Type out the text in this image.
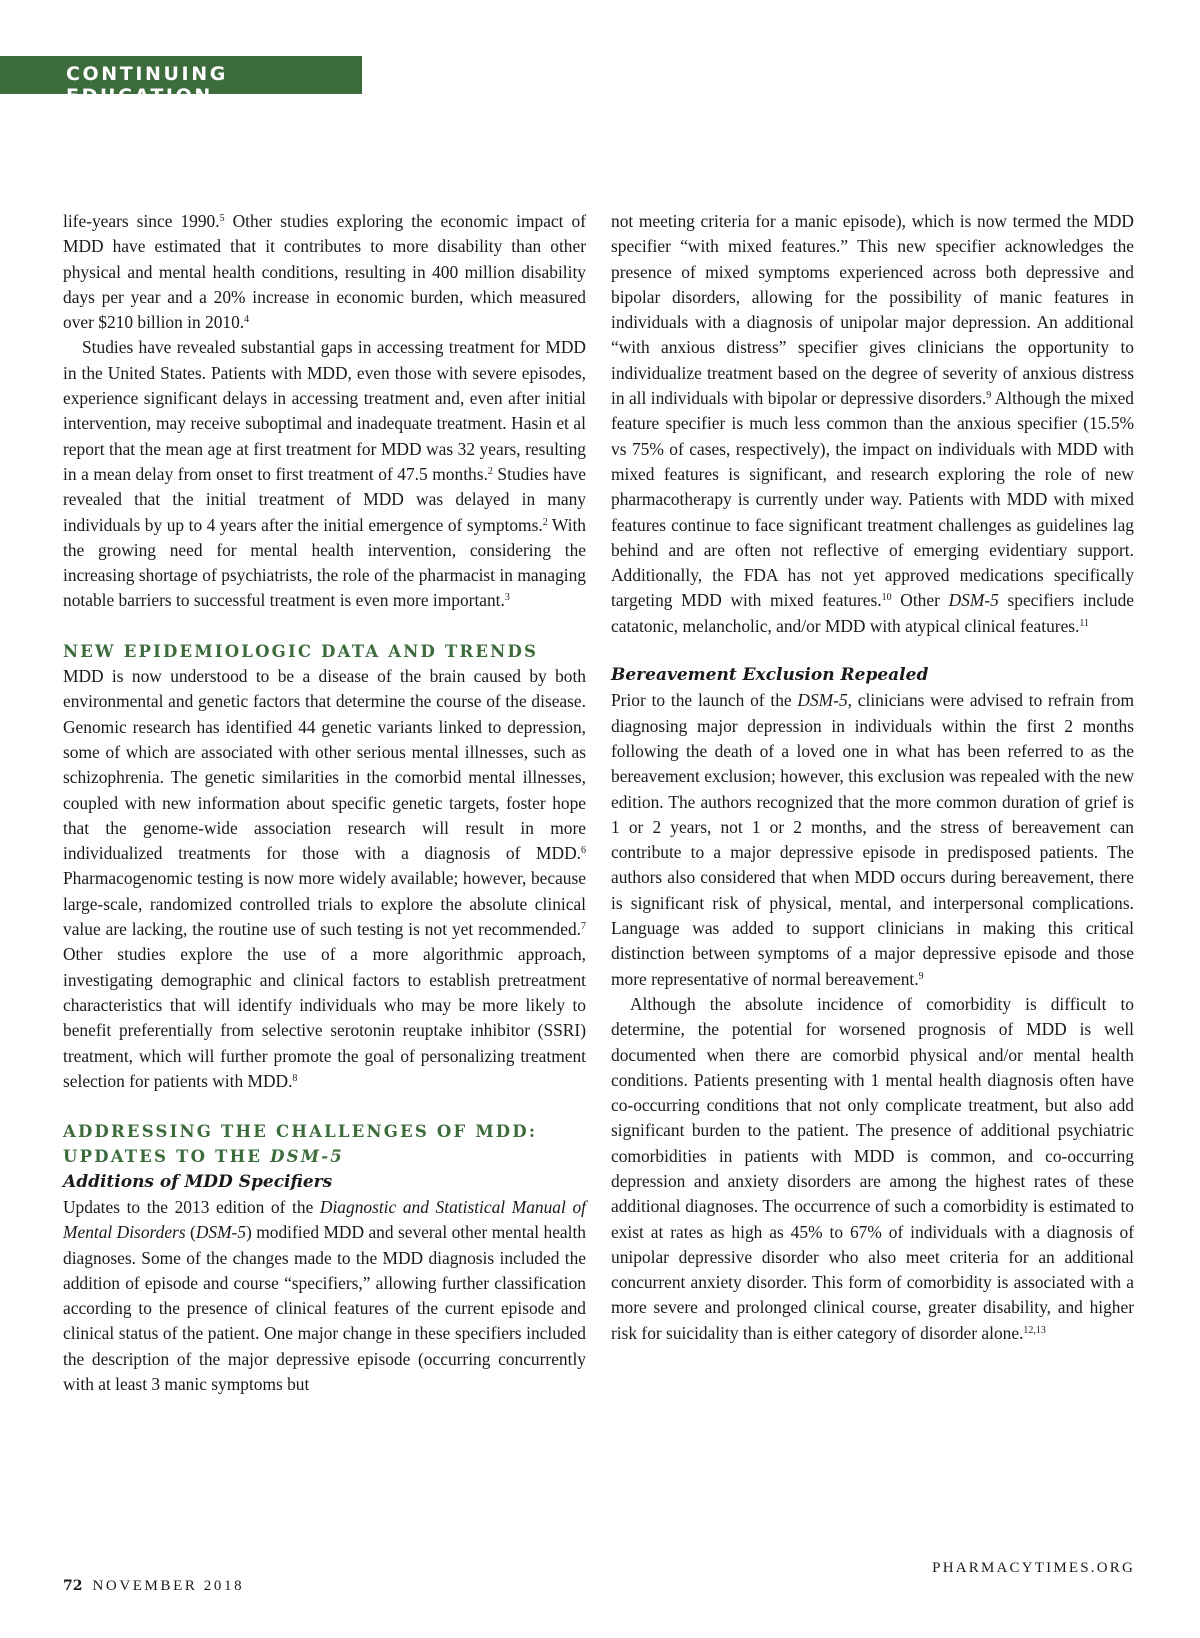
CONTINUING EDUCATION

life-years since 1990.$^5$ Other studies exploring the economic impact of MDD have estimated that it contributes to more disability than other physical and mental health conditions, resulting in 400 million disability days per year and a 20% increase in economic burden, which measured over $210 billion in 2010.$^4$

Studies have revealed substantial gaps in accessing treatment for MDD in the United States. Patients with MDD, even those with severe episodes, experience significant delays in accessing treatment and, even after initial intervention, may receive suboptimal and inadequate treatment. Hasin et al report that the mean age at first treatment for MDD was 32 years, resulting in a mean delay from onset to first treatment of 47.5 months.$^2$ Studies have revealed that the initial treatment of MDD was delayed in many individuals by up to 4 years after the initial emergence of symptoms.$^2$ With the growing need for mental health intervention, considering the increasing shortage of psychiatrists, the role of the pharmacist in managing notable barriers to successful treatment is even more important.$^3$

NEW EPIDEMIOLOGIC DATA AND TRENDS

MDD is now understood to be a disease of the brain caused by both environmental and genetic factors that determine the course of the disease. Genomic research has identified 44 genetic variants linked to depression, some of which are associated with other serious mental illnesses, such as schizophrenia. The genetic similarities in the comorbid mental illnesses, coupled with new information about specific genetic targets, foster hope that the genome-wide association research will result in more individualized treatments for those with a diagnosis of MDD.$^6$ Pharmacogenomic testing is now more widely available; however, because large-scale, randomized controlled trials to explore the absolute clinical value are lacking, the routine use of such testing is not yet recommended.$^7$ Other studies explore the use of a more algorithmic approach, investigating demographic and clinical factors to establish pretreatment characteristics that will identify individuals who may be more likely to benefit preferentially from selective serotonin reuptake inhibitor (SSRI) treatment, which will further promote the goal of personalizing treatment selection for patients with MDD.$^8$

ADDRESSING THE CHALLENGES OF MDD:
UPDATES TO THE DSM-5
Additions of MDD Specifiers

Updates to the 2013 edition of the Diagnostic and Statistical Manual of Mental Disorders (DSM-5) modified MDD and several other mental health diagnoses. Some of the changes made to the MDD diagnosis included the addition of episode and course “specifiers,” allowing further classification according to the presence of clinical features of the current episode and clinical status of the patient. One major change in these specifiers included the description of the major depressive episode (occurring concurrently with at least 3 manic symptoms but

not meeting criteria for a manic episode), which is now termed the MDD specifier “with mixed features.” This new specifier acknowledges the presence of mixed symptoms experienced across both depressive and bipolar disorders, allowing for the possibility of manic features in individuals with a diagnosis of unipolar major depression. An additional “with anxious distress” specifier gives clinicians the opportunity to individualize treatment based on the degree of severity of anxious distress in all individuals with bipolar or depressive disorders.$^9$ Although the mixed feature specifier is much less common than the anxious specifier (15.5% vs 75% of cases, respectively), the impact on individuals with MDD with mixed features is significant, and research exploring the role of new pharmacotherapy is currently under way. Patients with MDD with mixed features continue to face significant treatment challenges as guidelines lag behind and are often not reflective of emerging evidentiary support. Additionally, the FDA has not yet approved medications specifically targeting MDD with mixed features.$^{10}$ Other DSM-5 specifiers include catatonic, melancholic, and/or MDD with atypical clinical features.$^{11}$

Bereavement Exclusion Repealed

Prior to the launch of the DSM-5, clinicians were advised to refrain from diagnosing major depression in individuals within the first 2 months following the death of a loved one in what has been referred to as the bereavement exclusion; however, this exclusion was repealed with the new edition. The authors recognized that the more common duration of grief is 1 or 2 years, not 1 or 2 months, and the stress of bereavement can contribute to a major depressive episode in predisposed patients. The authors also considered that when MDD occurs during bereavement, there is significant risk of physical, mental, and interpersonal complications. Language was added to support clinicians in making this critical distinction between symptoms of a major depressive episode and those more representative of normal bereavement.$^9$

Although the absolute incidence of comorbidity is difficult to determine, the potential for worsened prognosis of MDD is well documented when there are comorbid physical and/or mental health conditions. Patients presenting with 1 mental health diagnosis often have co-occurring conditions that not only complicate treatment, but also add significant burden to the patient. The presence of additional psychiatric comorbidities in patients with MDD is common, and co-occurring depression and anxiety disorders are among the highest rates of these additional diagnoses. The occurrence of such a comorbidity is estimated to exist at rates as high as 45% to 67% of individuals with a diagnosis of unipolar depressive disorder who also meet criteria for an additional concurrent anxiety disorder. This form of comorbidity is associated with a more severe and prolonged clinical course, greater disability, and higher risk for suicidality than is either category of disorder alone.$^{12,13}$

72 NOVEMBER 2018
PHARMACYTIMES.ORG
